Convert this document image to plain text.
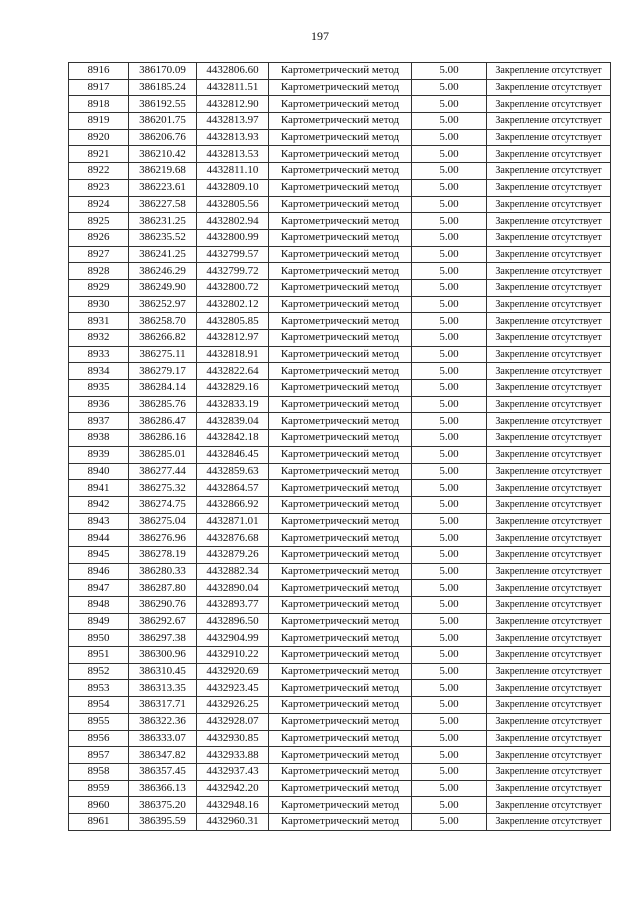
197
8916	386170.09	4432806.60	Картометрический метод	5.00	Закрепление отсутствует
8917	386185.24	4432811.51	Картометрический метод	5.00	Закрепление отсутствует
8918	386192.55	4432812.90	Картометрический метод	5.00	Закрепление отсутствует
8919	386201.75	4432813.97	Картометрический метод	5.00	Закрепление отсутствует
8920	386206.76	4432813.93	Картометрический метод	5.00	Закрепление отсутствует
8921	386210.42	4432813.53	Картометрический метод	5.00	Закрепление отсутствует
8922	386219.68	4432811.10	Картометрический метод	5.00	Закрепление отсутствует
8923	386223.61	4432809.10	Картометрический метод	5.00	Закрепление отсутствует
8924	386227.58	4432805.56	Картометрический метод	5.00	Закрепление отсутствует
8925	386231.25	4432802.94	Картометрический метод	5.00	Закрепление отсутствует
8926	386235.52	4432800.99	Картометрический метод	5.00	Закрепление отсутствует
8927	386241.25	4432799.57	Картометрический метод	5.00	Закрепление отсутствует
8928	386246.29	4432799.72	Картометрический метод	5.00	Закрепление отсутствует
8929	386249.90	4432800.72	Картометрический метод	5.00	Закрепление отсутствует
8930	386252.97	4432802.12	Картометрический метод	5.00	Закрепление отсутствует
8931	386258.70	4432805.85	Картометрический метод	5.00	Закрепление отсутствует
8932	386266.82	4432812.97	Картометрический метод	5.00	Закрепление отсутствует
8933	386275.11	4432818.91	Картометрический метод	5.00	Закрепление отсутствует
8934	386279.17	4432822.64	Картометрический метод	5.00	Закрепление отсутствует
8935	386284.14	4432829.16	Картометрический метод	5.00	Закрепление отсутствует
8936	386285.76	4432833.19	Картометрический метод	5.00	Закрепление отсутствует
8937	386286.47	4432839.04	Картометрический метод	5.00	Закрепление отсутствует
8938	386286.16	4432842.18	Картометрический метод	5.00	Закрепление отсутствует
8939	386285.01	4432846.45	Картометрический метод	5.00	Закрепление отсутствует
8940	386277.44	4432859.63	Картометрический метод	5.00	Закрепление отсутствует
8941	386275.32	4432864.57	Картометрический метод	5.00	Закрепление отсутствует
8942	386274.75	4432866.92	Картометрический метод	5.00	Закрепление отсутствует
8943	386275.04	4432871.01	Картометрический метод	5.00	Закрепление отсутствует
8944	386276.96	4432876.68	Картометрический метод	5.00	Закрепление отсутствует
8945	386278.19	4432879.26	Картометрический метод	5.00	Закрепление отсутствует
8946	386280.33	4432882.34	Картометрический метод	5.00	Закрепление отсутствует
8947	386287.80	4432890.04	Картометрический метод	5.00	Закрепление отсутствует
8948	386290.76	4432893.77	Картометрический метод	5.00	Закрепление отсутствует
8949	386292.67	4432896.50	Картометрический метод	5.00	Закрепление отсутствует
8950	386297.38	4432904.99	Картометрический метод	5.00	Закрепление отсутствует
8951	386300.96	4432910.22	Картометрический метод	5.00	Закрепление отсутствует
8952	386310.45	4432920.69	Картометрический метод	5.00	Закрепление отсутствует
8953	386313.35	4432923.45	Картометрический метод	5.00	Закрепление отсутствует
8954	386317.71	4432926.25	Картометрический метод	5.00	Закрепление отсутствует
8955	386322.36	4432928.07	Картометрический метод	5.00	Закрепление отсутствует
8956	386333.07	4432930.85	Картометрический метод	5.00	Закрепление отсутствует
8957	386347.82	4432933.88	Картометрический метод	5.00	Закрепление отсутствует
8958	386357.45	4432937.43	Картометрический метод	5.00	Закрепление отсутствует
8959	386366.13	4432942.20	Картометрический метод	5.00	Закрепление отсутствует
8960	386375.20	4432948.16	Картометрический метод	5.00	Закрепление отсутствует
8961	386395.59	4432960.31	Картометрический метод	5.00	Закрепление отсутствует
